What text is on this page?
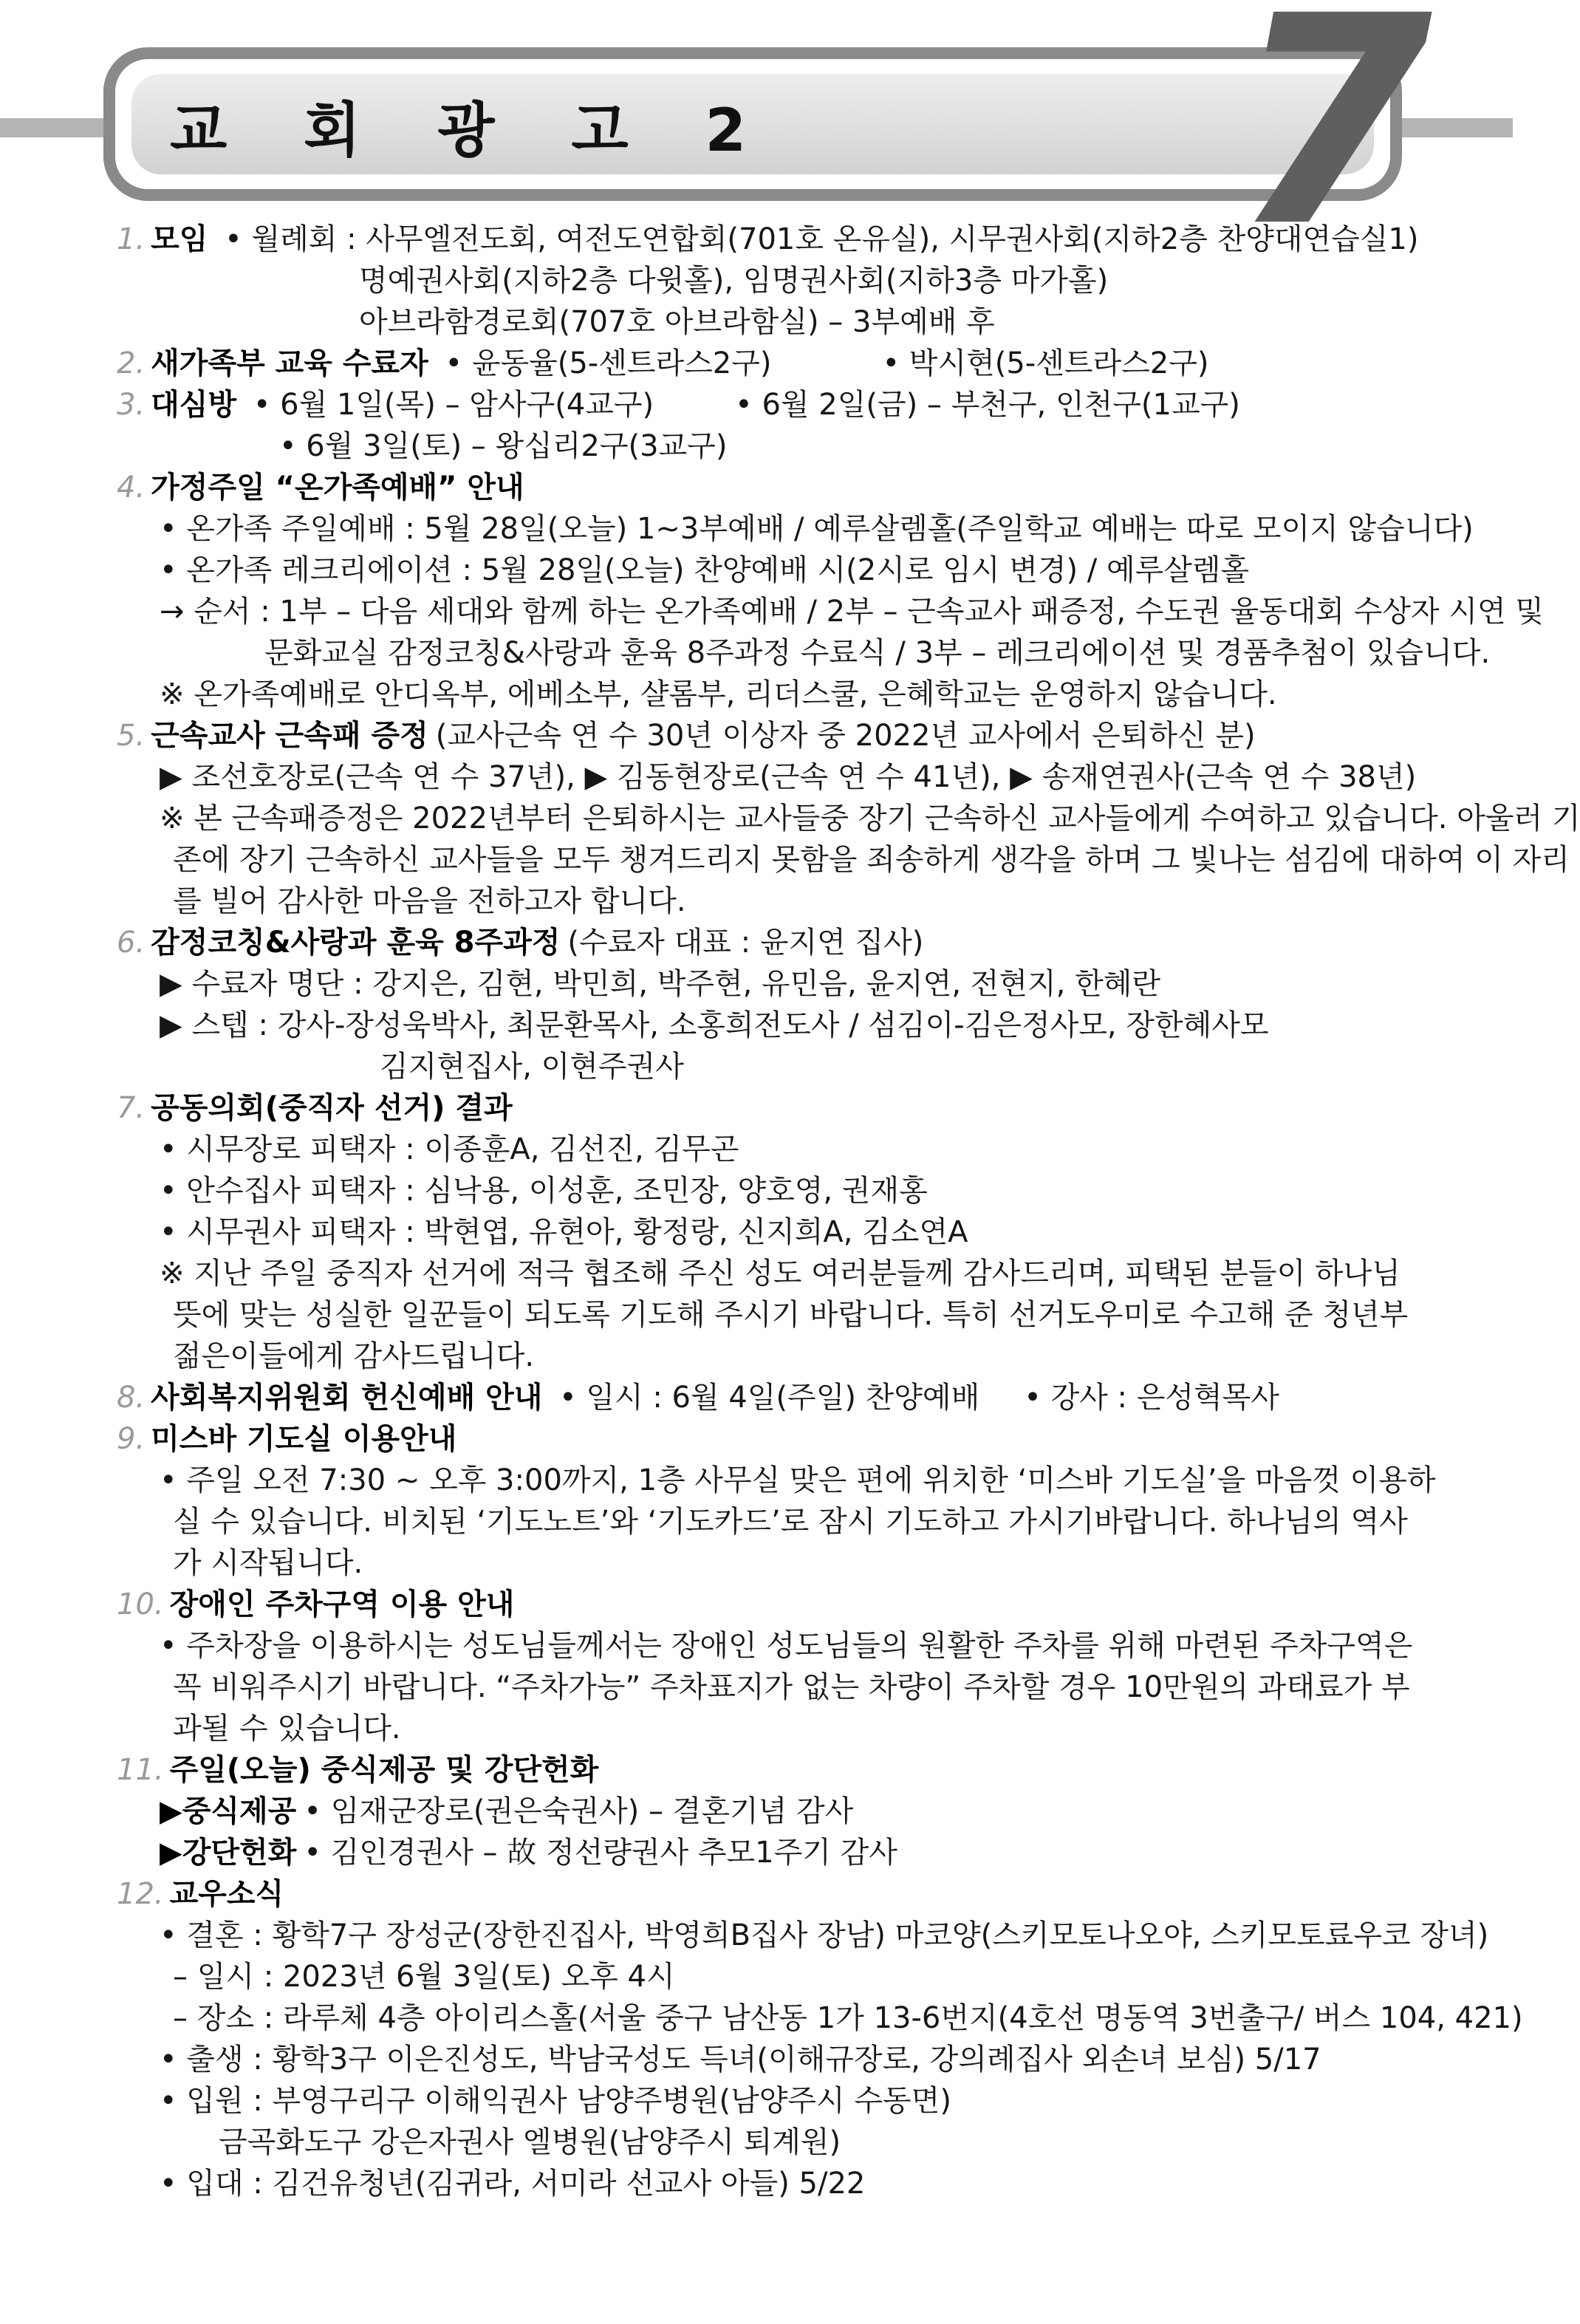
교 회 광 고 2 7
1. 모임 • 월례회 : 사무엘전도회, 여전도연합회(701호 온유실), 시무권사회(지하2층 찬양대연습실1)
명예권사회(지하2층 다윗홀), 임명권사회(지하3층 마가홀)
아브라함경로회(707호 아브라함실) – 3부예배 후
2. 새가족부 교육 수료자 • 윤동율(5-센트라스2구)	• 박시현(5-센트라스2구)
3. 대심방 • 6월 1일(목) – 암사구(4교구)	• 6월 2일(금) – 부천구, 인천구(1교구)
• 6월 3일(토) – 왕십리2구(3교구)
4. 가정주일 “온가족예배” 안내
• 온가족 주일예배 : 5월 28일(오늘) 1~3부예배 / 예루살렘홀(주일학교 예배는 따로 모이지 않습니다)
• 온가족 레크리에이션 : 5월 28일(오늘) 찬양예배 시(2시로 임시 변경) / 예루살렘홀
→ 순서 : 1부 – 다음 세대와 함께 하는 온가족예배 / 2부 – 근속교사 패증정, 수도권 율동대회 수상자 시연 및
문화교실 감정코칭&사랑과 훈육 8주과정 수료식 / 3부 – 레크리에이션 및 경품추첨이 있습니다.
※ 온가족예배로 안디옥부, 에베소부, 샬롬부, 리더스쿨, 은혜학교는 운영하지 않습니다.
5. 근속교사 근속패 증정 (교사근속 연 수 30년 이상자 중 2022년 교사에서 은퇴하신 분)
▶ 조선호장로(근속 연 수 37년), ▶ 김동현장로(근속 연 수 41년), ▶ 송재연권사(근속 연 수 38년)
※ 본 근속패증정은 2022년부터 은퇴하시는 교사들중 장기 근속하신 교사들에게 수여하고 있습니다. 아울러 기
존에 장기 근속하신 교사들을 모두 챙겨드리지 못함을 죄송하게 생각을 하며 그 빛나는 섬김에 대하여 이 자리
를 빌어 감사한 마음을 전하고자 합니다.
6. 감정코칭&사랑과 훈육 8주과정 (수료자 대표 : 윤지연 집사)
▶ 수료자 명단 : 강지은, 김현, 박민희, 박주현, 유민음, 윤지연, 전현지, 한혜란
▶ 스텝 : 강사-장성욱박사, 최문환목사, 소홍희전도사 / 섬김이-김은정사모, 장한혜사모
김지현집사, 이현주권사
7. 공동의회(중직자 선거) 결과
• 시무장로 피택자 : 이종훈A, 김선진, 김무곤
• 안수집사 피택자 : 심낙용, 이성훈, 조민장, 양호영, 권재홍
• 시무권사 피택자 : 박현엽, 유현아, 황정랑, 신지희A, 김소연A
※ 지난 주일 중직자 선거에 적극 협조해 주신 성도 여러분들께 감사드리며, 피택된 분들이 하나님
뜻에 맞는 성실한 일꾼들이 되도록 기도해 주시기 바랍니다. 특히 선거도우미로 수고해 준 청년부
젊은이들에게 감사드립니다.
8. 사회복지위원회 헌신예배 안내 • 일시 : 6월 4일(주일) 찬양예배 • 강사 : 은성혁목사
9. 미스바 기도실 이용안내
• 주일 오전 7:30 ~ 오후 3:00까지, 1층 사무실 맞은 편에 위치한 ‘미스바 기도실’을 마음껏 이용하
실 수 있습니다. 비치된 ‘기도노트’와 ‘기도카드’로 잠시 기도하고 가시기바랍니다. 하나님의 역사
가 시작됩니다.
10. 장애인 주차구역 이용 안내
• 주차장을 이용하시는 성도님들께서는 장애인 성도님들의 원활한 주차를 위해 마련된 주차구역은
꼭 비워주시기 바랍니다. “주차가능” 주차표지가 없는 차량이 주차할 경우 10만원의 과태료가 부
과될 수 있습니다.
11. 주일(오늘) 중식제공 및 강단헌화
▶중식제공 • 임재군장로(권은숙권사) – 결혼기념 감사
▶강단헌화 • 김인경권사 – 故 정선량권사 추모1주기 감사
12. 교우소식
• 결혼 : 황학7구 장성군(장한진집사, 박영희B집사 장남) 마코양(스키모토나오야, 스키모토료우코 장녀)
– 일시 : 2023년 6월 3일(토) 오후 4시
– 장소 : 라루체 4층 아이리스홀(서울 중구 남산동 1가 13-6번지(4호선 명동역 3번출구/ 버스 104, 421)
• 출생 : 황학3구 이은진성도, 박남국성도 득녀(이해규장로, 강의례집사 외손녀 보심) 5/17
• 입원 : 부영구리구 이해익권사 남양주병원(남양주시 수동면)
금곡화도구 강은자권사 엘병원(남양주시 퇴계원)
• 입대 : 김건유청년(김귀라, 서미라 선교사 아들) 5/22
